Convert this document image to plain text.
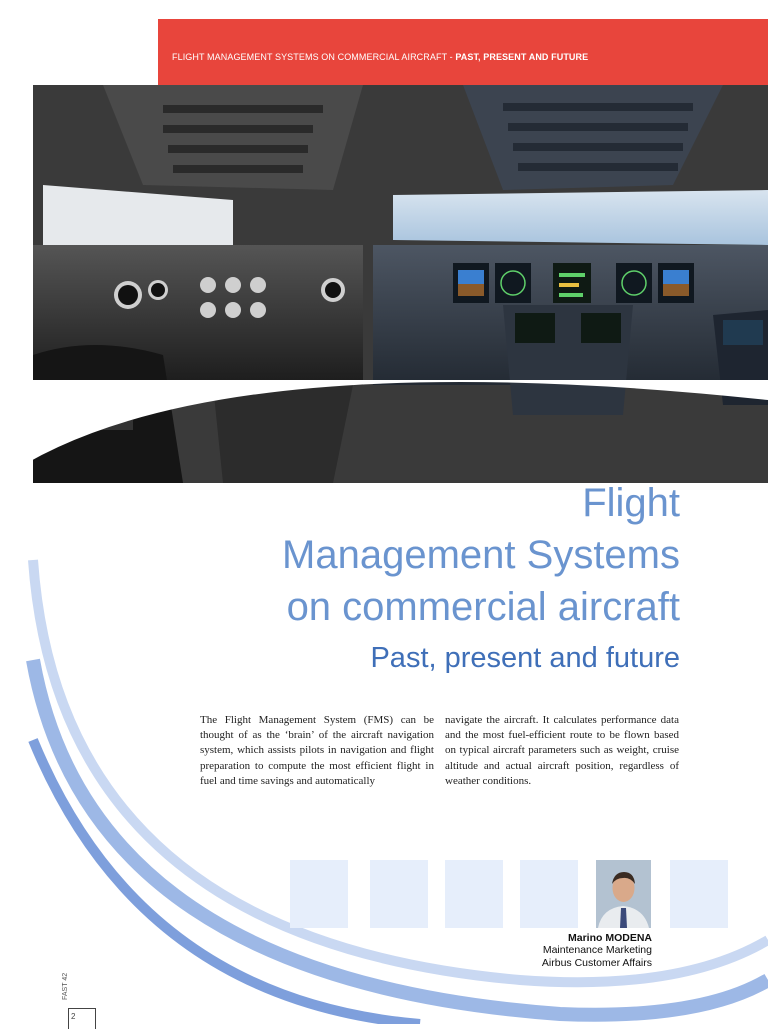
FLIGHT MANAGEMENT SYSTEMS ON COMMERCIAL AIRCRAFT - PAST, PRESENT AND FUTURE
Flight
Management Systems
on commercial aircraft
Past, present and future
The Flight Management System (FMS) can be thought of as the ‘brain’ of the aircraft navigation system, which assists pilots in navigation and flight preparation to compute the most efficient flight in fuel and time savings and automatically
navigate the aircraft. It calculates performance data and the most fuel-efficient route to be flown based on typical aircraft parameters such as weight, cruise altitude and actual aircraft position, regardless of weather conditions.
Marino MODENA
Maintenance Marketing
Airbus Customer Affairs
FAST 42
2
